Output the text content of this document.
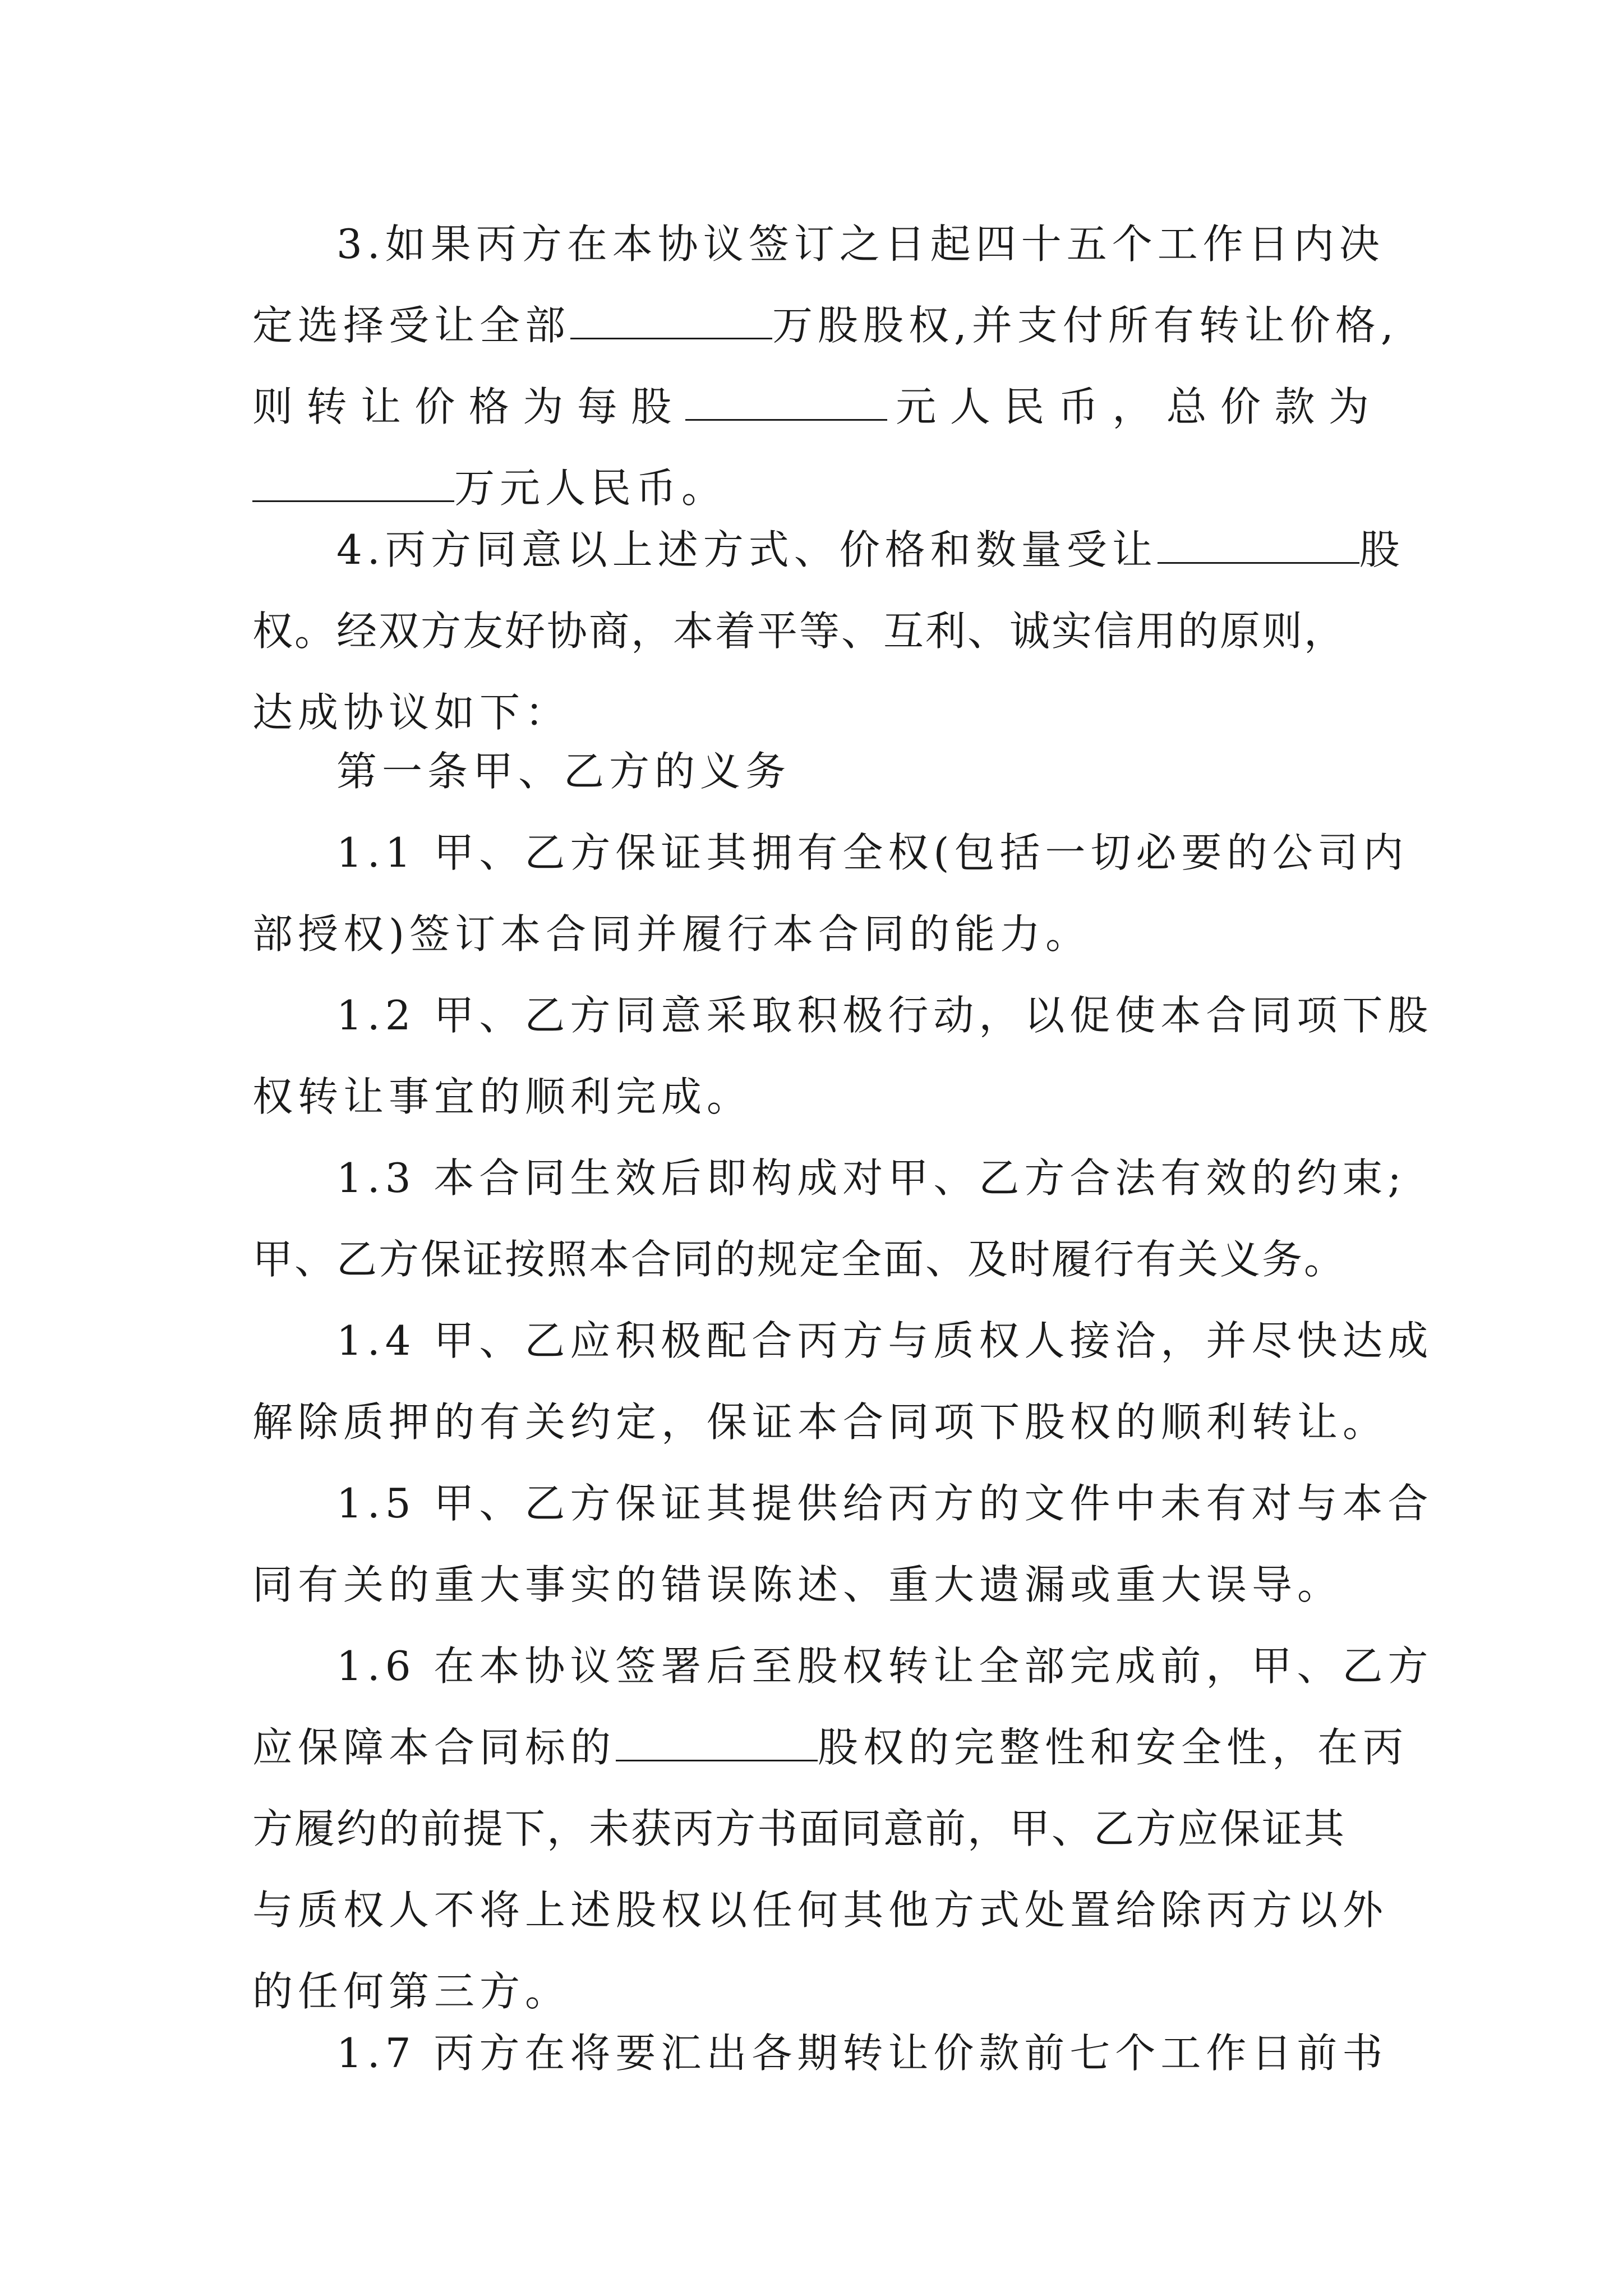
3.如果丙方在本协议签订之日起四十五个工作日内决
定选择受让全部	万股股权,并支付所有转让价格,
则转让价格为每股	元人民币，总价款为
万元人民币。
4.丙方同意以上述方式、价格和数量受让	股
权。经双方友好协商，本着平等、互利、诚实信用的原则，
达成协议如下：
第一条甲、乙方的义务
1.1 甲、乙方保证其拥有全权(包括一切必要的公司内
部授权)签订本合同并履行本合同的能力。
1.2 甲、乙方同意采取积极行动，以促使本合同项下股
权转让事宜的顺利完成。
1.3 本合同生效后即构成对甲、乙方合法有效的约束;
甲、乙方保证按照本合同的规定全面、及时履行有关义务。
1.4 甲、乙应积极配合丙方与质权人接洽，并尽快达成
解除质押的有关约定，保证本合同项下股权的顺利转让。
1.5 甲、乙方保证其提供给丙方的文件中未有对与本合
同有关的重大事实的错误陈述、重大遗漏或重大误导。
1.6 在本协议签署后至股权转让全部完成前，甲、乙方
应保障本合同标的	股权的完整性和安全性，在丙
方履约的前提下，未获丙方书面同意前，甲、乙方应保证其
与质权人不将上述股权以任何其他方式处置给除丙方以外
的任何第三方。
1.7 丙方在将要汇出各期转让价款前七个工作日前书
